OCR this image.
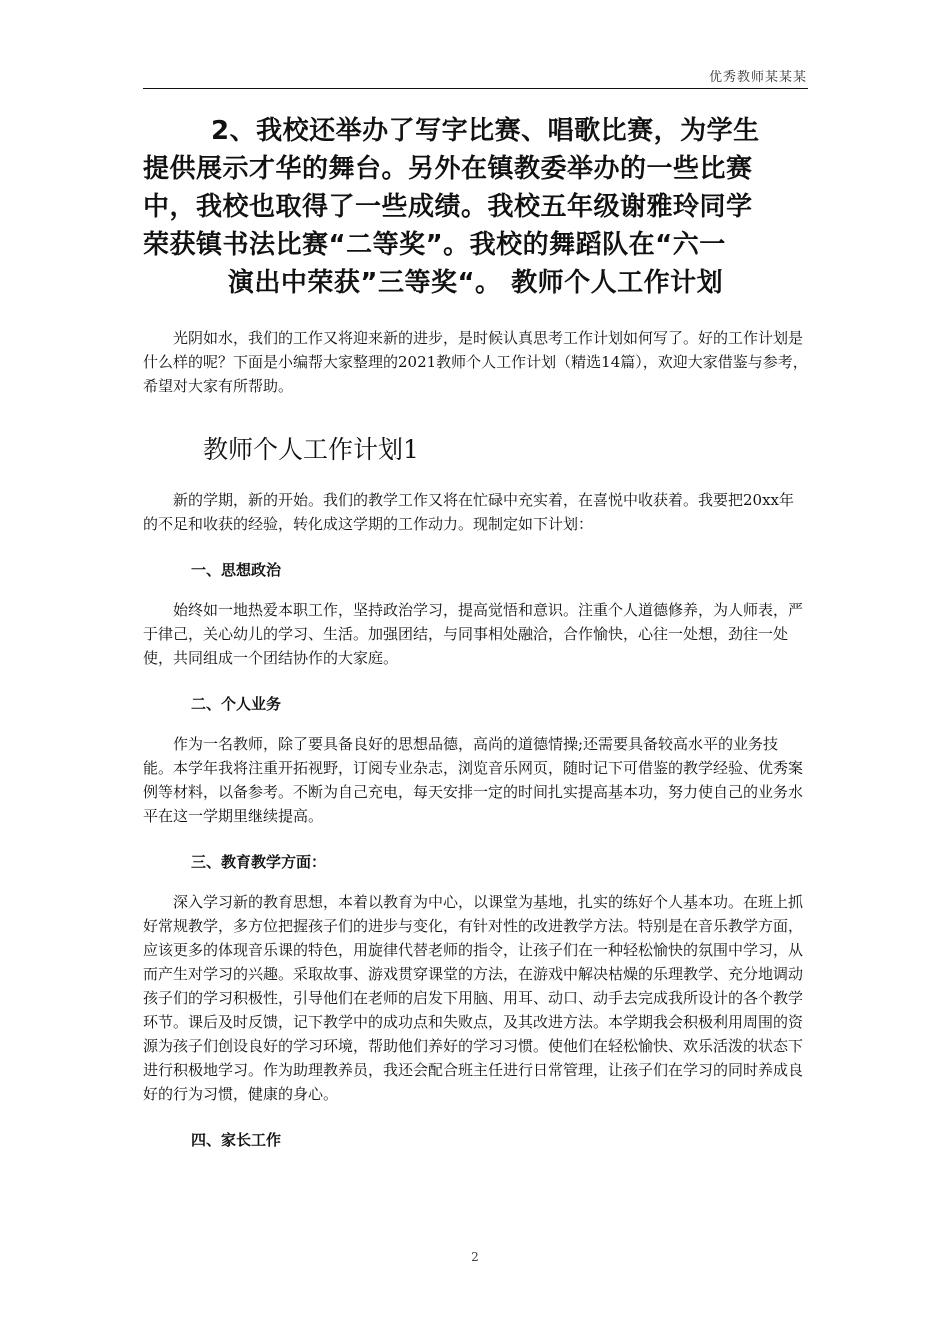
优秀教师某某某
2、我校还举办了写字比赛、唱歌比赛，为学生
提供展示才华的舞台。另外在镇教委举办的一些比赛
中，我校也取得了一些成绩。我校五年级谢雅玲同学
荣获镇书法比赛“二等奖”。我校的舞蹈队在“六一
演出中荣获”三等奖“。 教师个人工作计划

光阴如水，我们的工作又将迎来新的进步，是时候认真思考工作计划如何写了。好的工作计划是什么样的呢？下面是小编帮大家整理的2021教师个人工作计划（精选14篇），欢迎大家借鉴与参考，希望对大家有所帮助。

教师个人工作计划1

新的学期，新的开始。我们的教学工作又将在忙碌中充实着，在喜悦中收获着。我要把20xx年的不足和收获的经验，转化成这学期的工作动力。现制定如下计划：

一、思想政治

始终如一地热爱本职工作，坚持政治学习，提高觉悟和意识。注重个人道德修养，为人师表，严于律己，关心幼儿的学习、生活。加强团结，与同事相处融洽，合作愉快，心往一处想，劲往一处使，共同组成一个团结协作的大家庭。

二、个人业务

作为一名教师，除了要具备良好的思想品德，高尚的道德情操;还需要具备较高水平的业务技能。本学年我将注重开拓视野，订阅专业杂志，浏览音乐网页，随时记下可借鉴的教学经验、优秀案例等材料，以备参考。不断为自己充电，每天安排一定的时间扎实提高基本功，努力使自己的业务水平在这一学期里继续提高。

三、教育教学方面：

深入学习新的教育思想，本着以教育为中心，以课堂为基地，扎实的练好个人基本功。在班上抓好常规教学，多方位把握孩子们的进步与变化，有针对性的改进教学方法。特别是在音乐教学方面，应该更多的体现音乐课的特色，用旋律代替老师的指令，让孩子们在一种轻松愉快的氛围中学习，从而产生对学习的兴趣。采取故事、游戏贯穿课堂的方法，在游戏中解决枯燥的乐理教学、充分地调动孩子们的学习积极性，引导他们在老师的启发下用脑、用耳、动口、动手去完成我所设计的各个教学环节。课后及时反馈，记下教学中的成功点和失败点，及其改进方法。本学期我会积极利用周围的资源为孩子们创设良好的学习环境，帮助他们养好的学习习惯。使他们在轻松愉快、欢乐活泼的状态下进行积极地学习。作为助理教养员，我还会配合班主任进行日常管理，让孩子们在学习的同时养成良好的行为习惯，健康的身心。

四、家长工作
2
